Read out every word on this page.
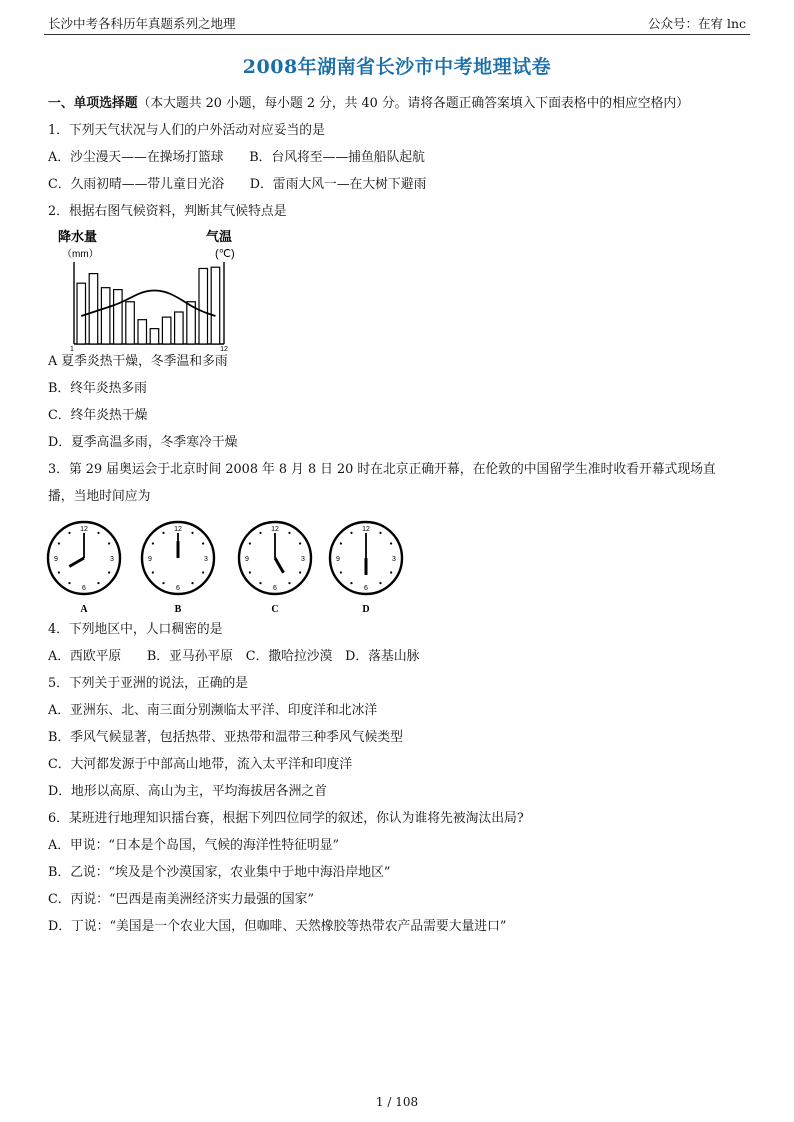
长沙中考各科历年真题系列之地理	公众号：在宥 lnc
2008年湖南省长沙市中考地理试卷
一、单项选择题（本大题共 20 小题，每小题 2 分，共 40 分。请将各题正确答案填入下面表格中的相应空格内）
1．下列天气状况与人们的户外活动对应妥当的是
A．沙尘漫天——在操场打篮球　　B．台风将至——捕鱼船队起航
C．久雨初晴——带儿童日光浴　　D．雷雨大风一—在大树下避雨
2．根据右图气候资料，判断其气候特点是
降水量
（mm）
气温
(℃)
1	12
A 夏季炎热干燥，冬季温和多雨
B．终年炎热多雨
C．终年炎热干燥
D．夏季高温多雨，冬季寒冷干燥
3．第 29 届奥运会于北京时间 2008 年 8 月 8 日 20 时在北京正确开幕，在伦敦的中国留学生准时收看开幕式现场直
播，当地时间应为
12
3
6
9
A
12
3
6
9
B
12
3
6
9
C
12
3
6
9
D
4．下列地区中，人口稠密的是
A．西欧平原　　B．亚马孙平原　C．撒哈拉沙漠　D．落基山脉
5．下列关于亚洲的说法，正确的是
A．亚洲东、北、南三面分别濒临太平洋、印度洋和北冰洋
B．季风气候显著，包括热带、亚热带和温带三种季风气候类型
C．大河都发源于中部高山地带，流入太平洋和印度洋
D．地形以高原、高山为主，平均海拔居各洲之首
6．某班进行地理知识擂台赛，根据下列四位同学的叙述，你认为谁将先被淘汰出局?
A．甲说：“日本是个岛国，气候的海洋性特征明显”
B．乙说：“埃及是个沙漠国家，农业集中于地中海沿岸地区”
C．丙说：“巴西是南美洲经济实力最强的国家”
D．丁说：“美国是一个农业大国，但咖啡、天然橡胶等热带农产品需要大量进口”
1 / 108
